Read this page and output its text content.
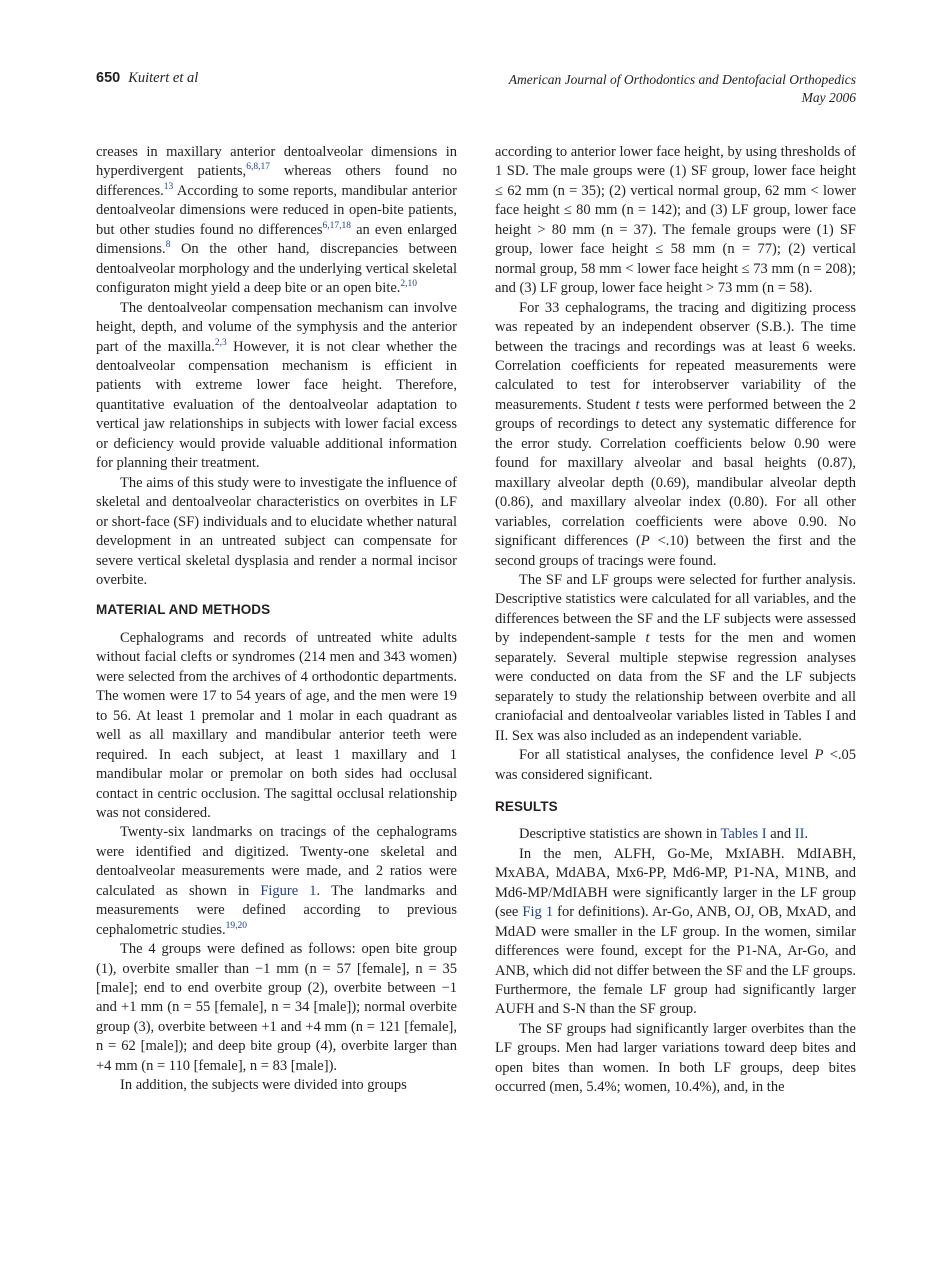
650 Kuitert et al	American Journal of Orthodontics and Dentofacial Orthopedics
May 2006

creases in maxillary anterior dentoalveolar dimensions in hyperdivergent patients,$^{6,8,17}$ whereas others found no differences.$^{13}$ According to some reports, mandibular anterior dentoalveolar dimensions were reduced in open-bite patients, but other studies found no differences$^{6,17,18}$ an even enlarged dimensions.$^8$ On the other hand, discrepancies between dentoalveolar morphology and the underlying vertical skeletal configuraton might yield a deep bite or an open bite.$^{2,10}$

The dentoalveolar compensation mechanism can involve height, depth, and volume of the symphysis and the anterior part of the maxilla.$^{2,3}$ However, it is not clear whether the dentoalveolar compensation mechanism is efficient in patients with extreme lower face height. Therefore, quantitative evaluation of the dentoalveolar adaptation to vertical jaw relationships in subjects with lower facial excess or deficiency would provide valuable additional information for planning their treatment.

The aims of this study were to investigate the influence of skeletal and dentoalveolar characteristics on overbites in LF or short-face (SF) individuals and to elucidate whether natural development in an untreated subject can compensate for severe vertical skeletal dysplasia and render a normal incisor overbite.

MATERIAL AND METHODS

Cephalograms and records of untreated white adults without facial clefts or syndromes (214 men and 343 women) were selected from the archives of 4 orthodontic departments. The women were 17 to 54 years of age, and the men were 19 to 56. At least 1 premolar and 1 molar in each quadrant as well as all maxillary and mandibular anterior teeth were required. In each subject, at least 1 maxillary and 1 mandibular molar or premolar on both sides had occlusal contact in centric occlusion. The sagittal occlusal relationship was not considered.

Twenty-six landmarks on tracings of the cephalograms were identified and digitized. Twenty-one skeletal and dentoalveolar measurements were made, and 2 ratios were calculated as shown in Figure 1. The landmarks and measurements were defined according to previous cephalometric studies.$^{19,20}$

The 4 groups were defined as follows: open bite group (1), overbite smaller than −1 mm (n = 57 [female], n = 35 [male]; end to end overbite group (2), overbite between −1 and +1 mm (n = 55 [female], n = 34 [male]); normal overbite group (3), overbite between +1 and +4 mm (n = 121 [female], n = 62 [male]); and deep bite group (4), overbite larger than +4 mm (n = 110 [female], n = 83 [male]).

In addition, the subjects were divided into groups

according to anterior lower face height, by using thresholds of 1 SD. The male groups were (1) SF group, lower face height ≤ 62 mm (n = 35); (2) vertical normal group, 62 mm < lower face height ≤ 80 mm (n = 142); and (3) LF group, lower face height > 80 mm (n = 37). The female groups were (1) SF group, lower face height ≤ 58 mm (n = 77); (2) vertical normal group, 58 mm < lower face height ≤ 73 mm (n = 208); and (3) LF group, lower face height > 73 mm (n = 58).

For 33 cephalograms, the tracing and digitizing process was repeated by an independent observer (S.B.). The time between the tracings and recordings was at least 6 weeks. Correlation coefficients for repeated measurements were calculated to test for interobserver variability of the measurements. Student t tests were performed between the 2 groups of recordings to detect any systematic difference for the error study. Correlation coefficients below 0.90 were found for maxillary alveolar and basal heights (0.87), maxillary alveolar depth (0.69), mandibular alveolar depth (0.86), and maxillary alveolar index (0.80). For all other variables, correlation coefficients were above 0.90. No significant differences (P <.10) between the first and the second groups of tracings were found.

The SF and LF groups were selected for further analysis. Descriptive statistics were calculated for all variables, and the differences between the SF and the LF subjects were assessed by independent-sample t tests for the men and women separately. Several multiple stepwise regression analyses were conducted on data from the SF and the LF subjects separately to study the relationship between overbite and all craniofacial and dentoalveolar variables listed in Tables I and II. Sex was also included as an independent variable.

For all statistical analyses, the confidence level P <.05 was considered significant.

RESULTS

Descriptive statistics are shown in Tables I and II.

In the men, ALFH, Go-Me, MxIABH. MdIABH, MxABA, MdABA, Mx6-PP, Md6-MP, P1-NA, M1NB, and Md6-MP/MdIABH were significantly larger in the LF group (see Fig 1 for definitions). Ar-Go, ANB, OJ, OB, MxAD, and MdAD were smaller in the LF group. In the women, similar differences were found, except for the P1-NA, Ar-Go, and ANB, which did not differ between the SF and the LF groups. Furthermore, the female LF group had significantly larger AUFH and S-N than the SF group.

The SF groups had significantly larger overbites than the LF groups. Men had larger variations toward deep bites and open bites than women. In both LF groups, deep bites occurred (men, 5.4%; women, 10.4%), and, in the
